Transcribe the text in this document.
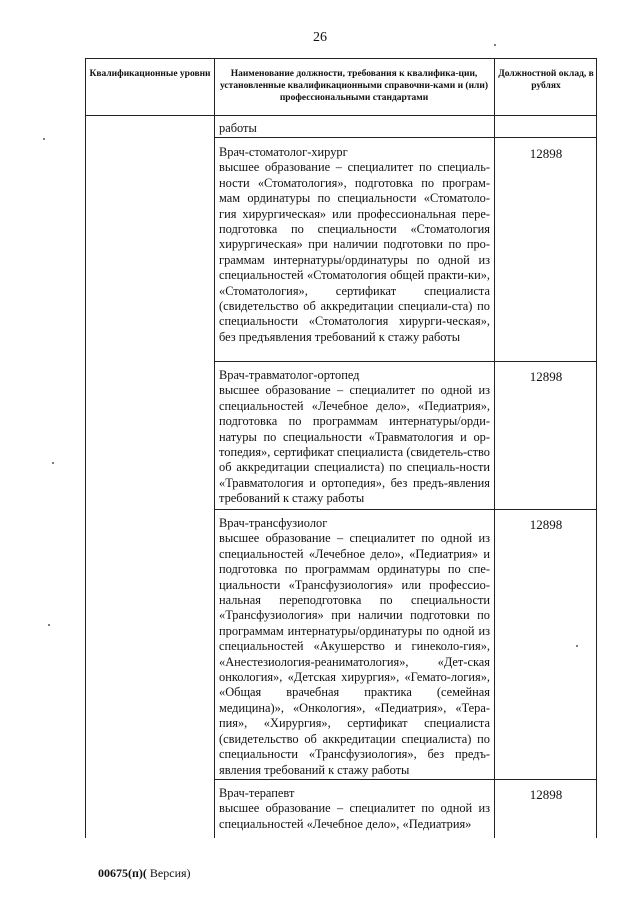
26
Квалификационные уровни	Наименование должности, требования к квалифика-ции, установленные квалификационными справочни-ками и (или) профессиональными стандартами
Должностной оклад, в рублях
работы
Врач-стоматолог-хирург
высшее образование – специалитет по специаль-ности «Стоматология», подготовка по програм-мам ординатуры по специальности «Стоматоло-гия хирургическая» или профессиональная пере-подготовка по специальности «Стоматология хирургическая» при наличии подготовки по про-граммам интернатуры/ординатуры по одной из специальностей «Стоматология общей практи-ки», «Стоматология», сертификат специалиста (свидетельство об аккредитации специали-ста) по специальности «Стоматология хирурги-ческая», без предъявления требований к стажу работы
12898
Врач-травматолог-ортопед
высшее образование – специалитет по одной из специальностей «Лечебное дело», «Педиатрия», подготовка по программам интернатуры/орди-натуры по специальности «Травматология и ор-топедия», сертификат специалиста (свидетель-ство об аккредитации специалиста) по специаль-ности «Травматология и ортопедия», без предъ-явления требований к стажу работы
12898
Врач-трансфузиолог
высшее образование – специалитет по одной из специальностей «Лечебное дело», «Педиатрия» и подготовка по программам ординатуры по спе-циальности «Трансфузиология» или профессио-нальная переподготовка по специальности «Трансфузиология» при наличии подготовки по программам интернатуры/ординатуры по одной из специальностей «Акушерство и гинеколо-гия», «Анестезиология-реаниматология», «Дет-ская онкология», «Детская хирургия», «Гемато-логия», «Общая врачебная практика (семейная медицина)», «Онкология», «Педиатрия», «Тера-пия», «Хирургия», сертификат специалиста (свидетельство об аккредитации специалиста) по специальности «Трансфузиология», без предъ-явления требований к стажу работы
12898
Врач-терапевт
высшее образование – специалитет по одной из специальностей «Лечебное дело», «Педиатрия»
12898
00675(п)( Версия)
